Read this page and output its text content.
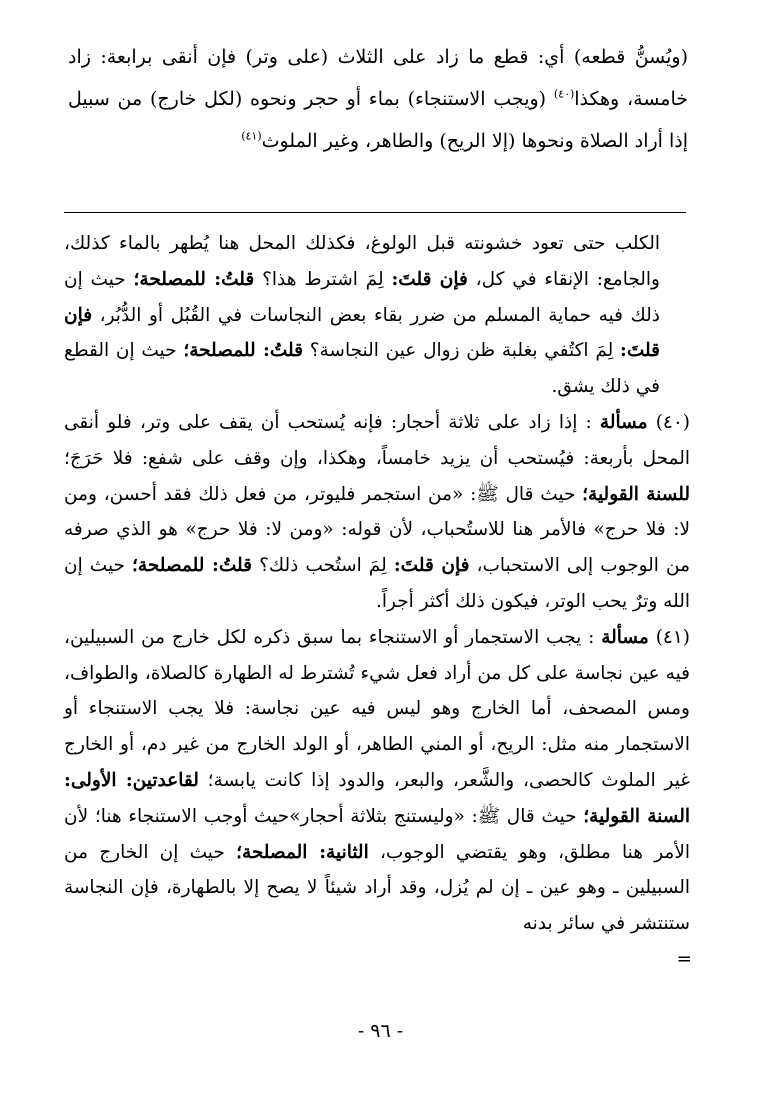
(ويُسنُّ قطعه) أي: قطع ما زاد على الثلاث (على وتر) فإن أنقى برابعة: زاد خامسة، وهكذا$^{(٤٠)}$ (ويجب الاستنجاء) بماء أو حجر ونحوه (لكل خارج) من سبيل إذا أراد الصلاة ونحوها (إلا الريح) والطاهر، وغير الملوث$^{(٤١)}$

الكلب حتى تعود خشونته قبل الولوغ، فكذلك المحل هنا يُطهر بالماء كذلك، والجامع: الإنقاء في كل، فإن قلتَ: لِمَ اشترط هذا؟ قلتُ: للمصلحة؛ حيث إن ذلك فيه حماية المسلم من ضرر بقاء بعض النجاسات في القُبُل أو الدُّبُر، فإن قلتَ: لِمَ اكتُفي بغلبة ظن زوال عين النجاسة؟ قلتُ: للمصلحة؛ حيث إن القطع في ذلك يشق.

(٤٠) مسألة : إذا زاد على ثلاثة أحجار: فإنه يُستحب أن يقف على وتر، فلو أنقى المحل بأربعة: فيُستحب أن يزيد خامساً، وهكذا، وإن وقف على شفع: فلا حَرَجَ؛ للسنة القولية؛ حيث قال ﷺ: «من استجمر فليوتر، من فعل ذلك فقد أحسن، ومن لا: فلا حرج» فالأمر هنا للاستُحباب، لأن قوله: «ومن لا: فلا حرج» هو الذي صرفه من الوجوب إلى الاستحباب، فإن قلتَ: لِمَ استُحب ذلك؟ قلتُ: للمصلحة؛ حيث إن الله وترٌ يحب الوتر، فيكون ذلك أكثر أجراً.

(٤١) مسألة : يجب الاستجمار أو الاستنجاء بما سبق ذكره لكل خارج من السبيلين، فيه عين نجاسة على كل من أراد فعل شيء تُشترط له الطهارة كالصلاة، والطواف، ومس المصحف، أما الخارج وهو ليس فيه عين نجاسة: فلا يجب الاستنجاء أو الاستجمار منه مثل: الريح، أو المني الطاهر، أو الولد الخارج من غير دم، أو الخارج غير الملوث كالحصى، والشَّعر، والبعر، والدود إذا كانت يابسة؛ لقاعدتين: الأولى: السنة القولية؛ حيث قال ﷺ: «وليستنج بثلاثة أحجار»حيث أوجب الاستنجاء هنا؛ لأن الأمر هنا مطلق، وهو يقتضي الوجوب، الثانية: المصلحة؛ حيث إن الخارج من السبيلين ـ وهو عين ـ إن لم يُزل، وقد أراد شيئاً لا يصح إلا بالطهارة، فإن النجاسة ستنتشر في سائر بدنه

=

- ٩٦ -
